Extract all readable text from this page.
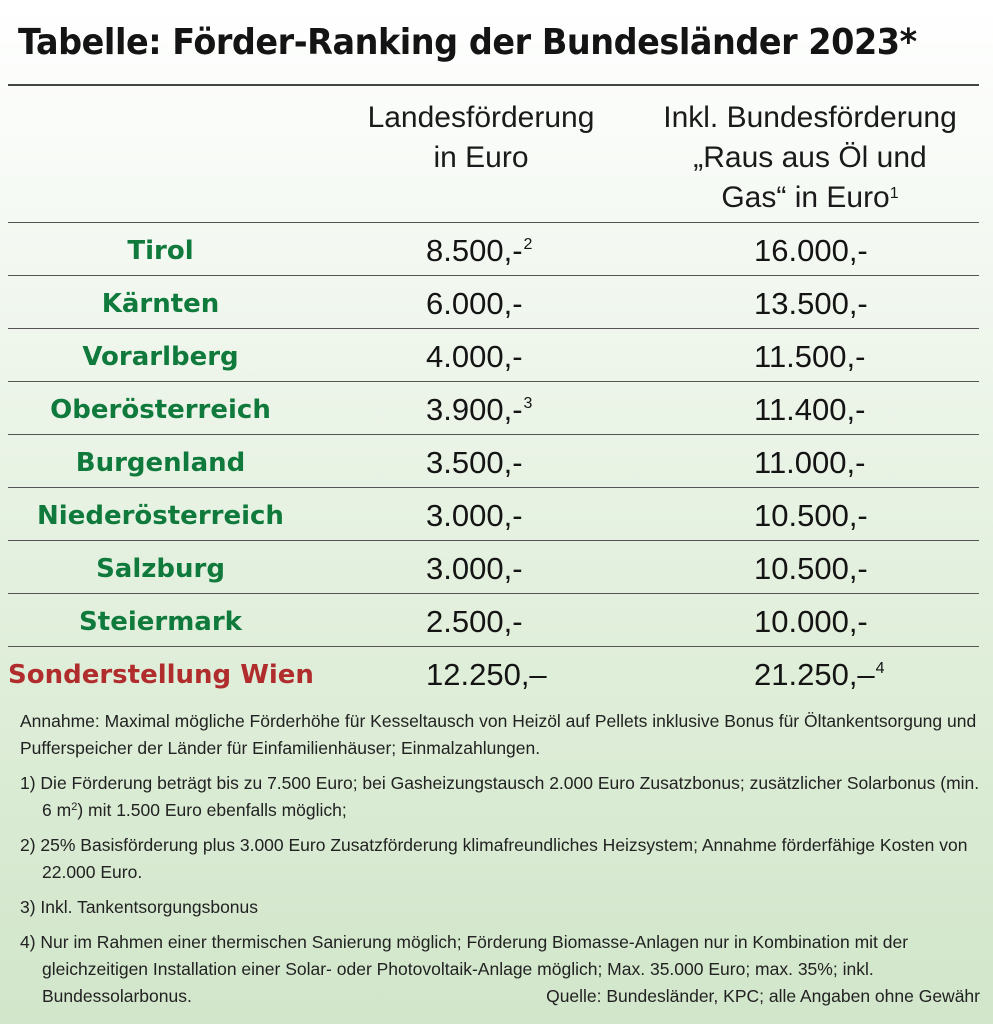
Tabelle: Förder-Ranking der Bundesländer 2023*
Landesförderung
in Euro
Inkl. Bundesförderung
„Raus aus Öl und
Gas“ in Euro$^1$
Tirol	8.500,-$^2$	16.000,-
Kärnten	6.000,-	13.500,-
Vorarlberg	4.000,-	11.500,-
Oberösterreich	3.900,-$^3$	11.400,-
Burgenland	3.500,-	11.000,-
Niederösterreich	3.000,-	10.500,-
Salzburg	3.000,-	10.500,-
Steiermark	2.500,-	10.000,-
Sonderstellung Wien	12.250,–	21.250,–$^4$

Annahme: Maximal mögliche Förderhöhe für Kesseltausch von Heizöl auf Pellets inklusive Bonus für Öltankentsorgung und Pufferspeicher der Länder für Einfamilienhäuser; Einmalzahlungen.

1) Die Förderung beträgt bis zu 7.500 Euro; bei Gasheizungstausch 2.000 Euro Zusatzbonus; zusätzlicher Solarbonus (min. 6 $m^2$) mit 1.500 Euro ebenfalls möglich;

2) 25% Basisförderung plus 3.000 Euro Zusatzförderung klimafreundliches Heizsystem; Annahme förderfähige Kosten von 22.000 Euro.

3) Inkl. Tankentsorgungsbonus

4) Nur im Rahmen einer thermischen Sanierung möglich; Förderung Biomasse-Anlagen nur in Kombination mit der gleichzeitigen Installation einer Solar- oder Photovoltaik-Anlage möglich; Max. 35.000 Euro; max. 35%; inkl. Bundessolarbonus.	Quelle: Bundesländer, KPC; alle Angaben ohne Gewähr
